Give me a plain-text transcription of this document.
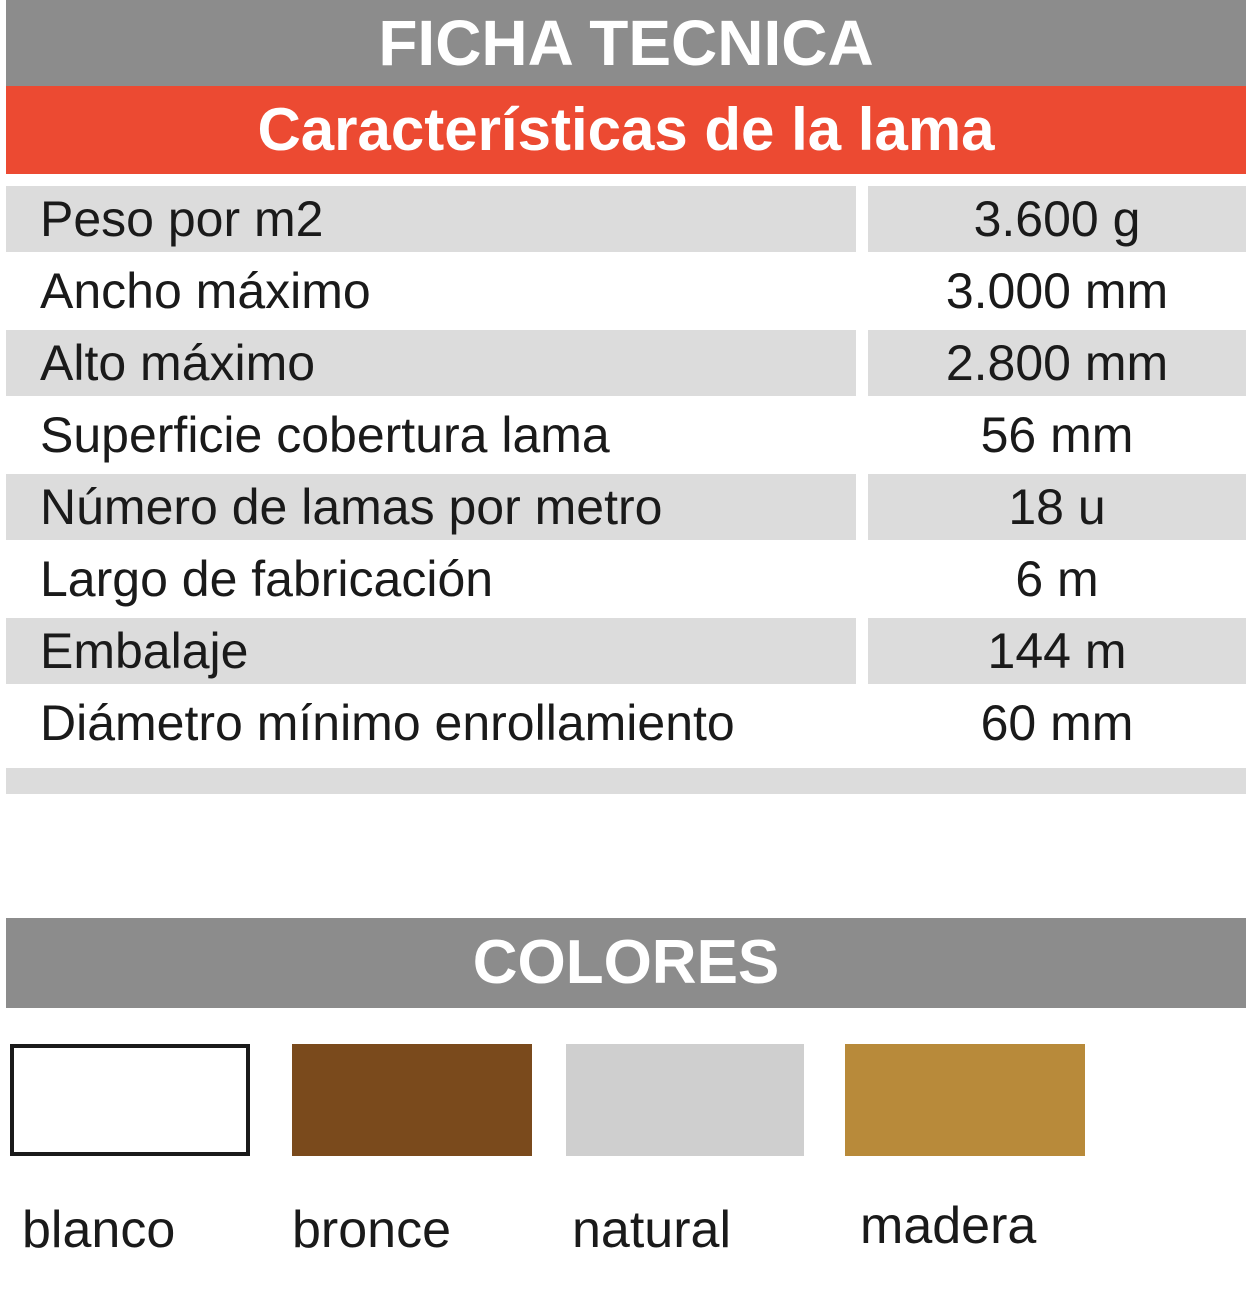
FICHA TECNICA
Características de la lama
Peso por m2	3.600 g
Ancho máximo	3.000 mm
Alto máximo	2.800 mm
Superficie cobertura lama	56 mm
Número de lamas por metro	18 u
Largo de fabricación	6 m
Embalaje	144 m
Diámetro mínimo enrollamiento	60 mm
COLORES
blanco bronce natural madera
